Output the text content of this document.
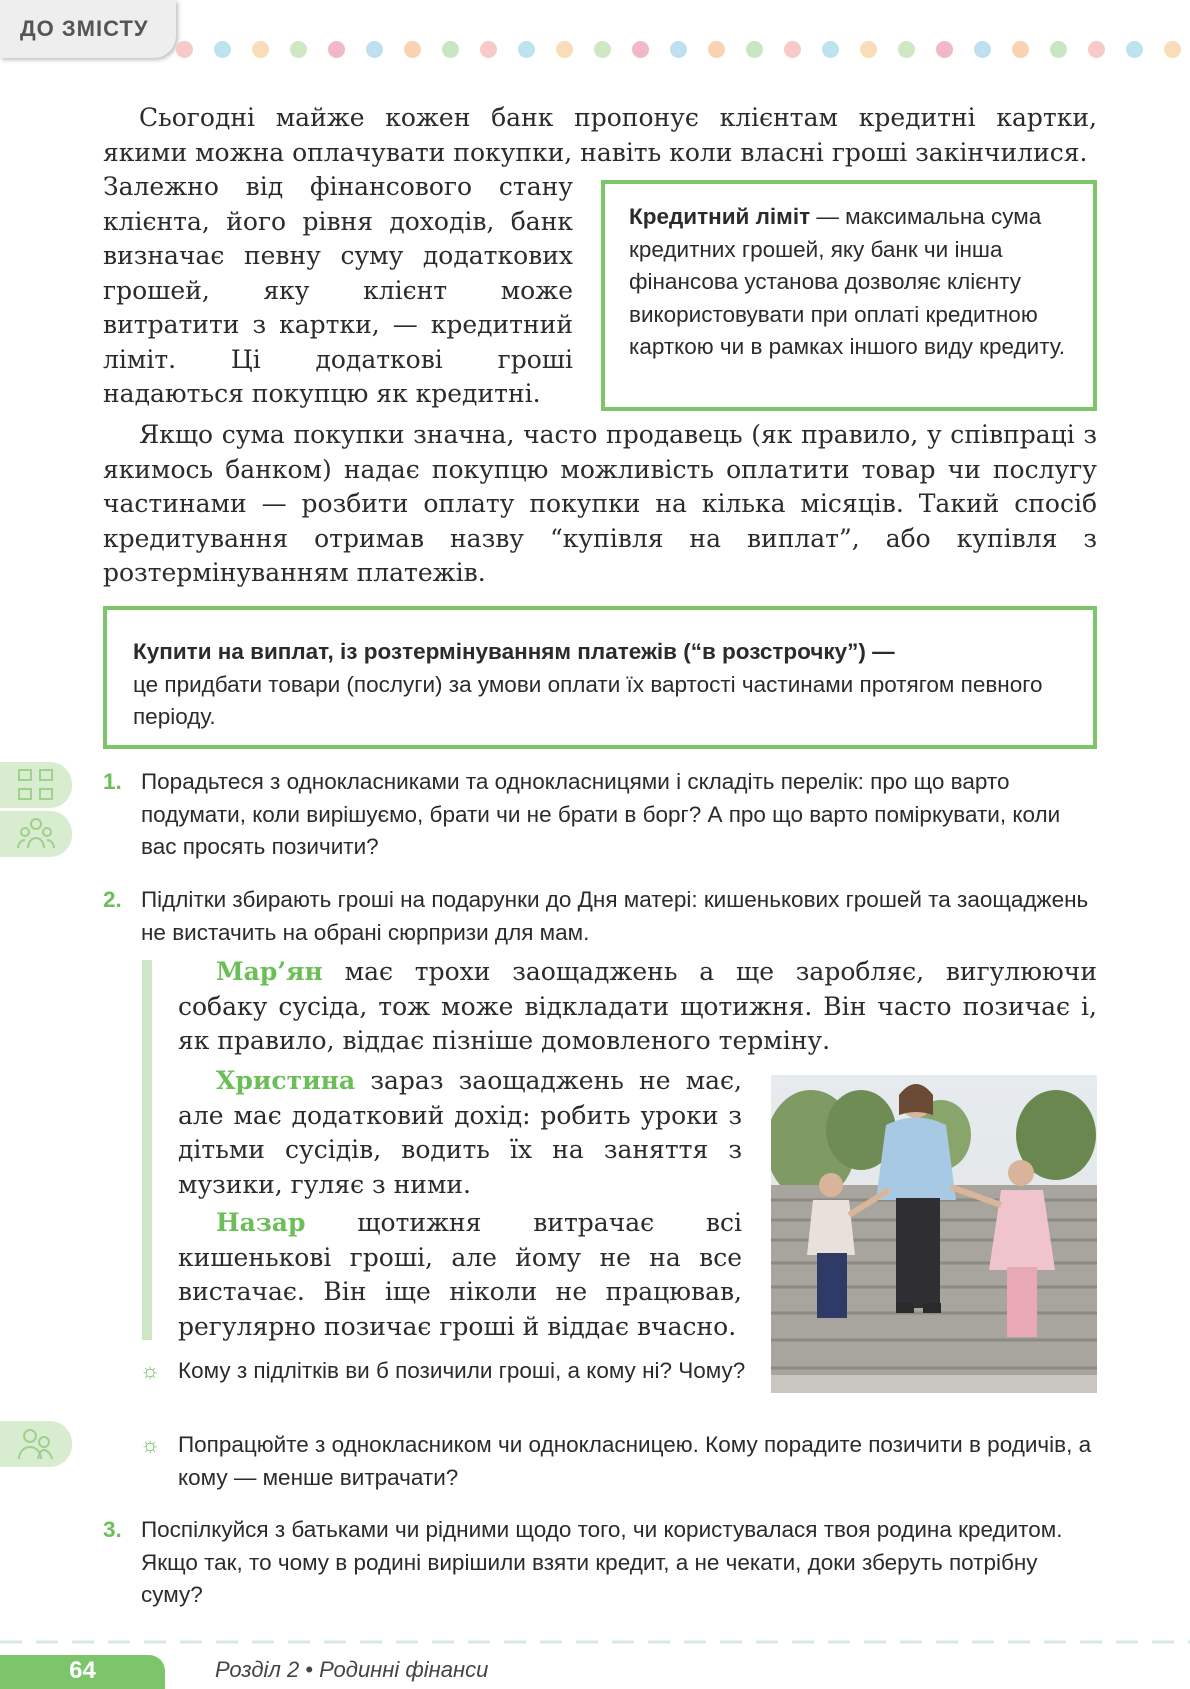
ДО ЗМІСТУ

Сьогодні майже кожен банк пропонує клієнтам кредитні картки, якими можна оплачувати покупки, навіть коли власні гроші закінчилися.

Залежно від фінансового стану клієнта, його рівня доходів, банк визначає певну суму додаткових грошей, яку клієнт може витратити з картки, — кредитний ліміт. Ці додаткові гроші надаються покупцю як кредитні.

Кредитний ліміт — максимальна сума кредитних грошей, яку банк чи інша фінансова установа дозволяє клієнту використовувати при оплаті кредитною карткою чи в рамках іншого виду кредиту.

Якщо сума покупки значна, часто продавець (як правило, у співпраці з якимось банком) надає покупцю можливість оплатити товар чи послугу частинами — розбити оплату покупки на кілька місяців. Такий спосіб кредитування отримав назву “купівля на виплат”, або купівля з розтермінуванням платежів.

Купити на виплат, із розтермінуванням платежів (“в розстрочку”) —
це придбати товари (послуги) за умови оплати їх вартості частинами протягом певного періоду.
1. Порадьтеся з однокласниками та однокласницями і складіть перелік: про що варто подумати, коли вирішуємо, брати чи не брати в борг? А про що варто поміркувати, коли вас просять позичити?
2. Підлітки збирають гроші на подарунки до Дня матері: кишенькових грошей та заощаджень не вистачить на обрані сюрпризи для мам.
Мар’ян має трохи заощаджень а ще заробляє, вигулюючи собаку сусіда, тож може відкладати щотижня. Він часто позичає і, як правило, віддає пізніше домовленого терміну.
Христина зараз заощаджень не має, але має додатковий дохід: робить уроки з дітьми сусідів, водить їх на заняття з музики, гуляє з ними.
Назар щотижня витрачає всі кишенькові гроші, але йому не на все вистачає. Він іще ніколи не працював, регулярно позичає гроші й віддає вчасно.
☼ Кому з підлітків ви б позичили гроші, а кому ні? Чому?
☼ Попрацюйте з однокласником чи однокласницею. Кому порадите позичити в родичів, а кому — менше витрачати?
3. Поспілкуйся з батьками чи рідними щодо того, чи користувалася твоя родина кредитом. Якщо так, то чому в родині вирішили взяти кредит, а не чекати, доки зберуть потрібну суму?
64	Розділ 2 • Родинні фінанси
